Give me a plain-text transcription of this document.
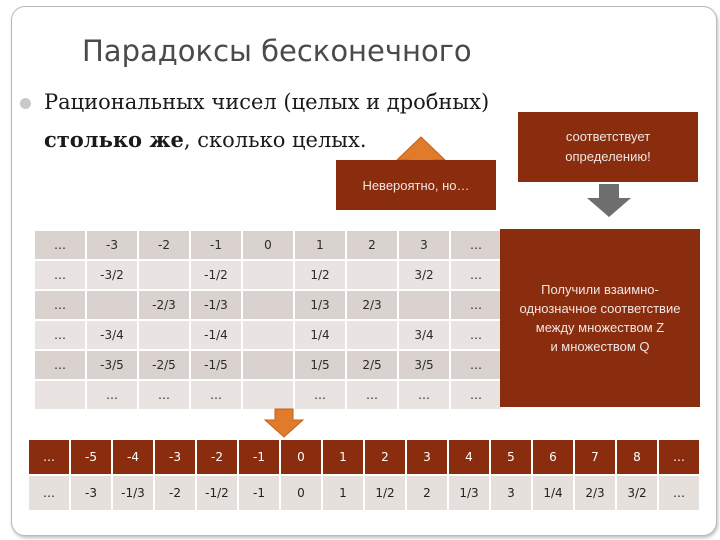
Парадоксы бесконечного
Рациональных чисел (целых и дробных)
столько же, сколько целых.
Невероятно, но…
соответствует
определению!
…	-3	-2	-1	0	1	2	3	…
…	-3/2		-1/2		1/2		3/2	…
…		-2/3	-1/3		1/3	2/3		…
…	-3/4		-1/4		1/4		3/4	…
…	-3/5	-2/5	-1/5		1/5	2/5	3/5	…
	…	…	…		…	…	…	…
Получили взаимно-
однозначное соответствие
между множеством Z
и множеством Q
…	-5	-4	-3	-2	-1	0	1	2	3	4	5	6	7	8	…
…	-3	-1/3	-2	-1/2	-1	0	1	1/2	2	1/3	3	1/4	2/3	3/2	…
